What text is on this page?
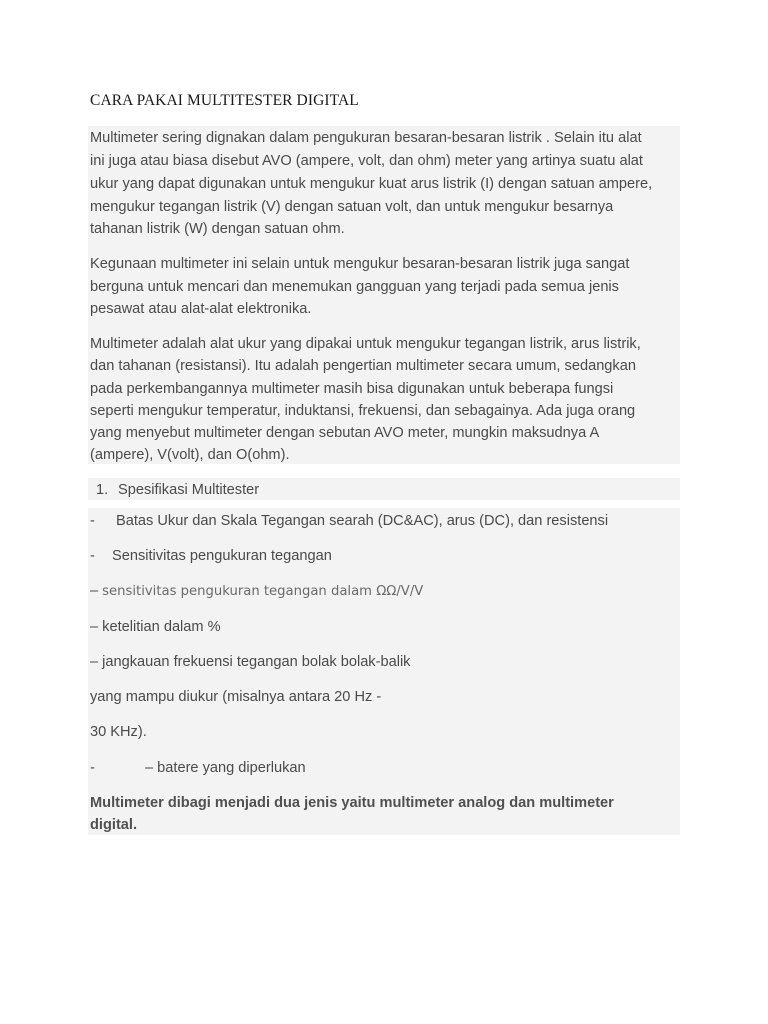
CARA PAKAI MULTITESTER DIGITAL
Multimeter sering dignakan dalam pengukuran besaran-besaran listrik . Selain itu alat
ini juga atau biasa disebut AVO (ampere, volt, dan ohm) meter yang artinya suatu alat
ukur yang dapat digunakan untuk mengukur kuat arus listrik (I) dengan satuan ampere,
mengukur tegangan listrik (V) dengan satuan volt, dan untuk mengukur besarnya
tahanan listrik (W) dengan satuan ohm.
Kegunaan multimeter ini selain untuk mengukur besaran-besaran listrik juga sangat
berguna untuk mencari dan menemukan gangguan yang terjadi pada semua jenis
pesawat atau alat-alat elektronika.
Multimeter adalah alat ukur yang dipakai untuk mengukur tegangan listrik, arus listrik,
dan tahanan (resistansi). Itu adalah pengertian multimeter secara umum, sedangkan
pada perkembangannya multimeter masih bisa digunakan untuk beberapa fungsi
seperti mengukur temperatur, induktansi, frekuensi, dan sebagainya. Ada juga orang
yang menyebut multimeter dengan sebutan AVO meter, mungkin maksudnya A
(ampere), V(volt), dan O(ohm).
1. Spesifikasi Multitester
- Batas Ukur dan Skala Tegangan searah (DC&AC), arus (DC), dan resistensi
- Sensitivitas pengukuran tegangan
– sensitivitas pengukuran tegangan dalam ΩΩ/V/V
– ketelitian dalam %
– jangkauan frekuensi tegangan bolak bolak-balik
yang mampu diukur (misalnya antara 20 Hz -
30 KHz).
-	– batere yang diperlukan
Multimeter dibagi menjadi dua jenis yaitu multimeter analog dan multimeter
digital.
